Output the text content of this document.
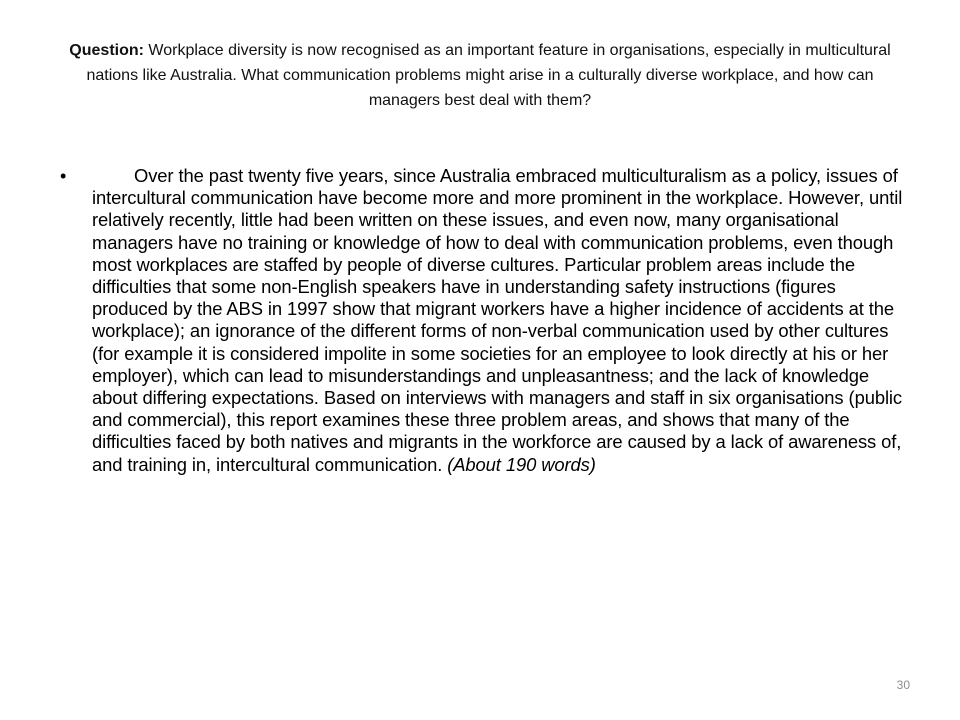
Question: Workplace diversity is now recognised as an important feature in organisations, especially in multicultural nations like Australia. What communication problems might arise in a culturally diverse workplace, and how can managers best deal with them?
•	Over the past twenty five years, since Australia embraced multiculturalism as a policy, issues of intercultural communication have become more and more prominent in the workplace. However, until relatively recently, little had been written on these issues, and even now, many organisational managers have no training or knowledge of how to deal with communication problems, even though most workplaces are staffed by people of diverse cultures. Particular problem areas include the difficulties that some non-English speakers have in understanding safety instructions (figures produced by the ABS in 1997 show that migrant workers have a higher incidence of accidents at the workplace); an ignorance of the different forms of non-verbal communication used by other cultures (for example it is considered impolite in some societies for an employee to look directly at his or her employer), which can lead to misunderstandings and unpleasantness; and the lack of knowledge about differing expectations. Based on interviews with managers and staff in six organisations (public and commercial), this report examines these three problem areas, and shows that many of the difficulties faced by both natives and migrants in the workforce are caused by a lack of awareness of, and training in, intercultural communication. (About 190 words)
30
